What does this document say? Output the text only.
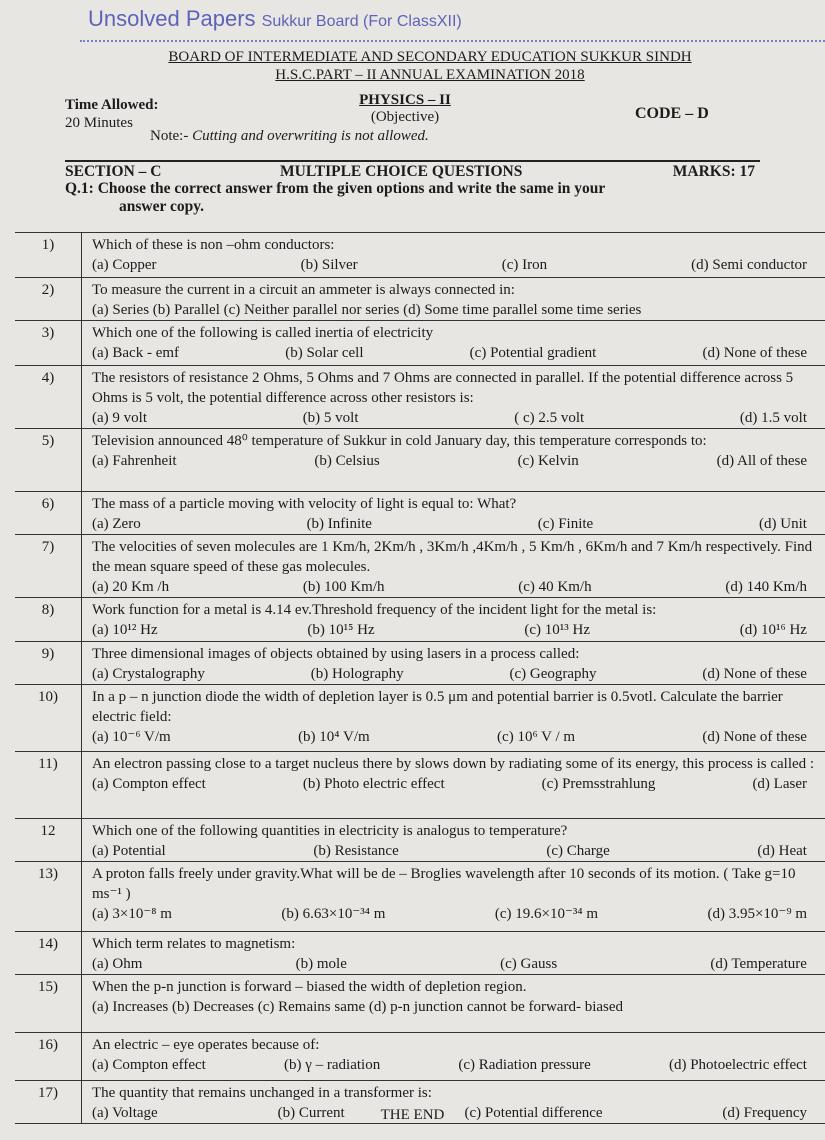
Unsolved Papers Sukkur Board (For ClassXII)
BOARD OF INTERMEDIATE AND SECONDARY EDUCATION SUKKUR SINDH
H.S.C.PART – II ANNUAL EXAMINATION 2018
Time Allowed:
20 Minutes
PHYSICS – II
(Objective)	CODE – D
Note:- Cutting and overwriting is not allowed.
SECTION – C	MULTIPLE CHOICE QUESTIONS	MARKS: 17
Q.1: Choose the correct answer from the given options and write the same in your
answer copy.
1)	Which of these is non –ohm conductors:
(a) Copper (b) Silver (c) Iron (d) Semi conductor

2)	To measure the current in a circuit an ammeter is always connected in:
(a) Series (b) Parallel (c) Neither parallel nor series (d) Some time parallel some time series

3)	Which one of the following is called inertia of electricity
(a) Back - emf (b) Solar cell (c) Potential gradient (d) None of these

4)	The resistors of resistance 2 Ohms, 5 Ohms and 7 Ohms are connected in parallel. If the potential difference across 5 Ohms is 5 volt, the potential difference across other resistors is:
(a) 9 volt (b) 5 volt ( c) 2.5 volt (d) 1.5 volt

5)	Television announced 48⁰ temperature of Sukkur in cold January day, this temperature corresponds to:
(a) Fahrenheit (b) Celsius (c) Kelvin (d) All of these

6)	The mass of a particle moving with velocity of light is equal to: What?
(a) Zero (b) Infinite (c) Finite (d) Unit

7)	The velocities of seven molecules are 1 Km/h, 2Km/h , 3Km/h ,4Km/h , 5 Km/h , 6Km/h and 7 Km/h respectively. Find the mean square speed of these gas molecules.
(a) 20 Km /h (b) 100 Km/h (c) 40 Km/h (d) 140 Km/h

8)	Work function for a metal is 4.14 ev.Threshold frequency of the incident light for the metal is:
(a) 10¹² Hz (b) 10¹⁵ Hz (c) 10¹³ Hz (d) 10¹⁶ Hz

9)	Three dimensional images of objects obtained by using lasers in a process called:
(a) Crystalography (b) Holography (c) Geography (d) None of these

10)	In a p – n junction diode the width of depletion layer is 0.5 μm and potential barrier is 0.5votl. Calculate the barrier electric field:
(a) 10⁻⁶ V/m (b) 10⁴ V/m (c) 10⁶ V / m (d) None of these

11)	An electron passing close to a target nucleus there by slows down by radiating some of its energy, this process is called :
(a) Compton effect (b) Photo electric effect (c) Premsstrahlung (d) Laser

12	Which one of the following quantities in electricity is analogus to temperature?
(a) Potential (b) Resistance (c) Charge (d) Heat

13)	A proton falls freely under gravity.What will be de – Broglies wavelength after 10 seconds of its motion. ( Take g=10 ms⁻¹ )
(a) 3×10⁻⁸ m (b) 6.63×10⁻³⁴ m (c) 19.6×10⁻³⁴ m (d) 3.95×10⁻⁹ m

14)	Which term relates to magnetism:
(a) Ohm (b) mole (c) Gauss (d) Temperature

15)	When the p-n junction is forward – biased the width of depletion region.
(a) Increases (b) Decreases (c) Remains same (d) p-n junction cannot be forward- biased

16)	An electric – eye operates because of:
(a) Compton effect (b) γ – radiation (c) Radiation pressure (d) Photoelectric effect

17)	The quantity that remains unchanged in a transformer is:
(a) Voltage (b) Current (c) Potential difference (d) Frequency
THE END
